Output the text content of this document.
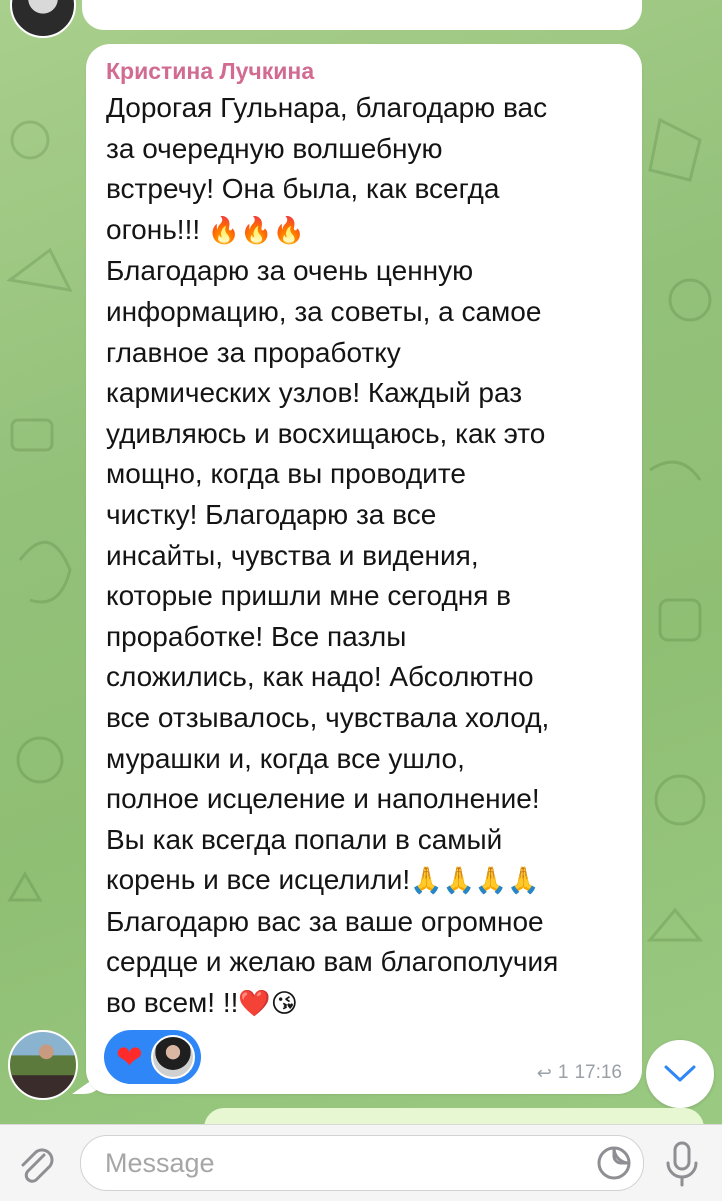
Кристина Лучкина
Дорогая Гульнара, благодарю вас
за очередную волшебную
встречу! Она была, как всегда
огонь!!! 🔥🔥🔥
Благодарю за очень ценную
информацию, за советы, а самое
главное за проработку
кармических узлов! Каждый раз
удивляюсь и восхищаюсь, как это
мощно, когда вы проводите
чистку! Благодарю за все
инсайты, чувства и видения,
которые пришли мне сегодня в
проработке! Все пазлы
сложились, как надо! Абсолютно
все отзывалось, чувствала холод,
мурашки и, когда все ушло,
полное исцеление и наполнение!
Вы как всегда попали в самый
корень и все исцелили!🙏🙏🙏🙏
Благодарю вас за ваше огромное
сердце и желаю вам благополучия
во всем! !!❤️😘
❤	↩ 1 17:16
Message
